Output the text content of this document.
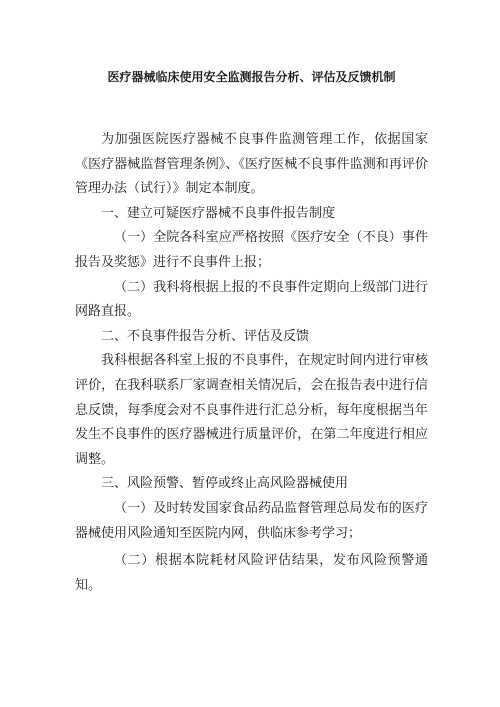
医疗器械临床使用安全监测报告分析、评估及反馈机制

为加强医院医疗器械不良事件监测管理工作，依据国家《医疗器械监督管理条例》、《医疗医械不良事件监测和再评价管理办法（试行）》制定本制度。

一、建立可疑医疗器械不良事件报告制度

（一）全院各科室应严格按照《医疗安全（不良）事件报告及奖惩》进行不良事件上报；

（二）我科将根据上报的不良事件定期向上级部门进行网路直报。

二、不良事件报告分析、评估及反馈

我科根据各科室上报的不良事件，在规定时间内进行审核评价，在我科联系厂家调查相关情况后，会在报告表中进行信息反馈，每季度会对不良事件进行汇总分析，每年度根据当年发生不良事件的医疗器械进行质量评价，在第二年度进行相应调整。

三、风险预警、暂停或终止高风险器械使用

（一）及时转发国家食品药品监督管理总局发布的医疗器械使用风险通知至医院内网，供临床参考学习；

（二）根据本院耗材风险评估结果，发布风险预警通知。
